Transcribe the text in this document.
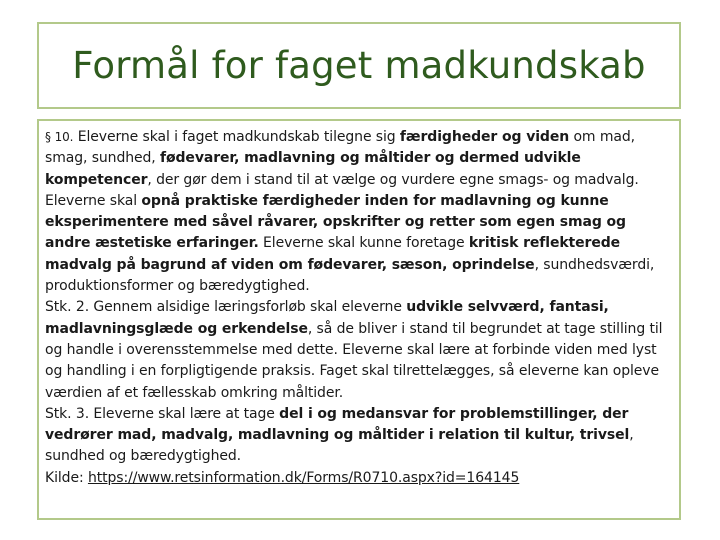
Formål for faget madkundskab

§ 10. Eleverne skal i faget madkundskab tilegne sig færdigheder og viden om mad, smag, sundhed, fødevarer, madlavning og måltider og dermed udvikle kompetencer, der gør dem i stand til at vælge og vurdere egne smags- og madvalg. Eleverne skal opnå praktiske færdigheder inden for madlavning og kunne eksperimentere med såvel råvarer, opskrifter og retter som egen smag og andre æstetiske erfaringer. Eleverne skal kunne foretage kritisk reflekterede madvalg på bagrund af viden om fødevarer, sæson, oprindelse, sundhedsværdi, produktionsformer og bæredygtighed.

Stk. 2. Gennem alsidige læringsforløb skal eleverne udvikle selvværd, fantasi, madlavningsglæde og erkendelse, så de bliver i stand til begrundet at tage stilling til og handle i overensstemmelse med dette. Eleverne skal lære at forbinde viden med lyst og handling i en forpligtigende praksis. Faget skal tilrettelægges, så eleverne kan opleve værdien af et fællesskab omkring måltider.

Stk. 3. Eleverne skal lære at tage del i og medansvar for problemstillinger, der vedrører mad, madvalg, madlavning og måltider i relation til kultur, trivsel, sundhed og bæredygtighed.

Kilde: https://www.retsinformation.dk/Forms/R0710.aspx?id=164145
